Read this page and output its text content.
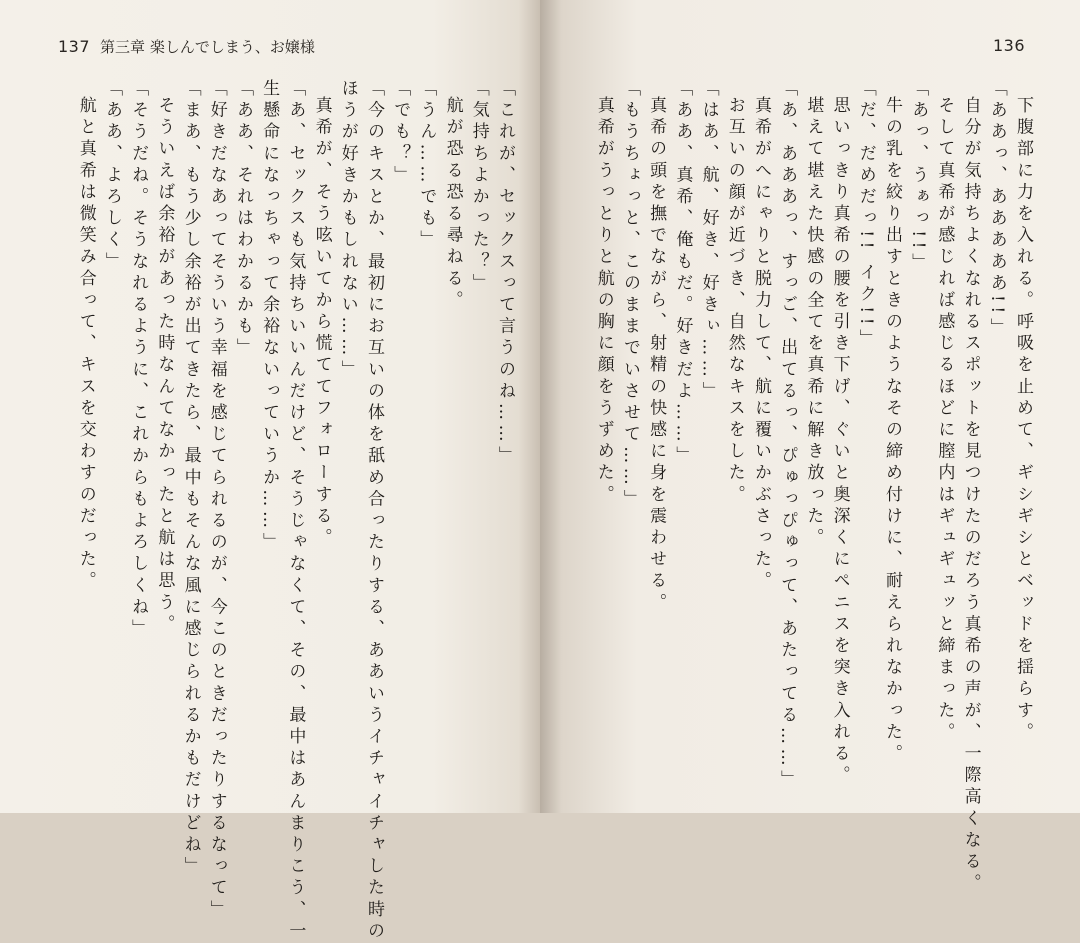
137 第三章 楽しんでしまう、お嬢様
「これが、セックスって言うのね……」
「気持ちよかった？」
航が恐る恐る尋ねる。
「うん……でも」
「でも？」
「今のキスとか、最初にお互いの体を舐め合ったりする、ああいうイチャイチャした時の
ほうが好きかもしれない……」
真希が、そう呟いてから慌ててフォローする。
「あ、セックスも気持ちいいんだけど、そうじゃなくて、その、最中はあんまりこう、一
生懸命になっちゃって余裕ないっていうか……」
「ああ、それはわかるかも」
「好きだなあってそういう幸福を感じてられるのが、今このときだったりするなって」
「まあ、もう少し余裕が出てきたら、最中もそんな風に感じられるかもだけどね」
そういえば余裕があった時なんてなかったと航は思う。
「そうだね。そうなれるように、これからもよろしくね」
「ああ、よろしく」
航と真希は微笑み合って、キスを交わすのだった。
136
下腹部に力を入れる。呼吸を止めて、ギシギシとベッドを揺らす。
「ああっ、あああああ!!」
自分が気持ちよくなれるスポットを見つけたのだろう真希の声が、一際高くなる。
そして真希が感じれば感じるほどに膣内はギュギュッと締まった。
「あっ、うぁっ!!」
牛の乳を絞り出すときのようなその締め付けに、耐えられなかった。
「だ、だめだっ!! イク!!」
思いっきり真希の腰を引き下げ、ぐいと奥深くにペニスを突き入れる。
堪えて堪えた快感の全てを真希に解き放った。
「あ、あああっ、すっご、出てるっ、ぴゅっぴゅって、あたってる……」
真希がへにゃりと脱力して、航に覆いかぶさった。
お互いの顔が近づき、自然なキスをした。
「はあ、航、好き、好きぃ……」
「ああ、真希、俺もだ。好きだよ……」
真希の頭を撫でながら、射精の快感に身を震わせる。
「もうちょっと、このままでいさせて……」
真希がうっとりと航の胸に顔をうずめた。
